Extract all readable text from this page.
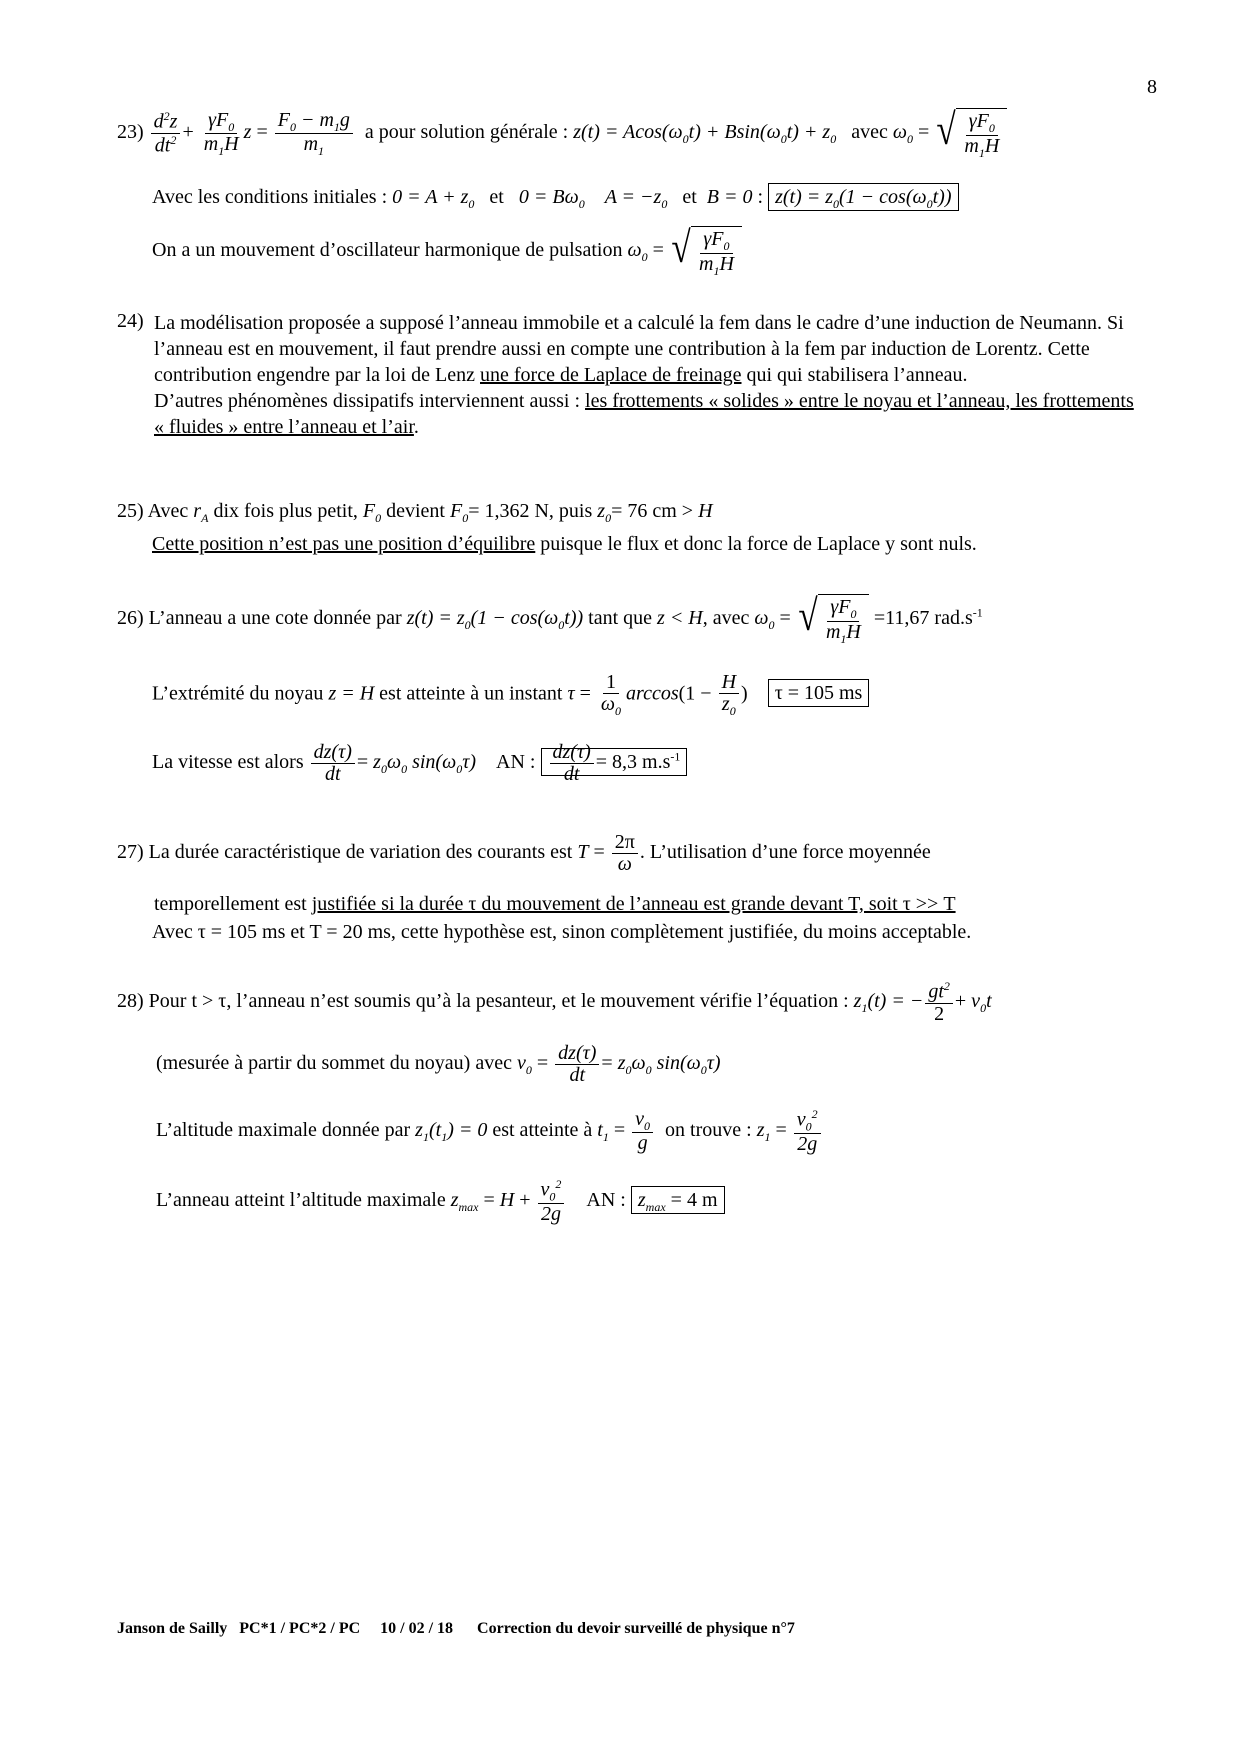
8
$23) \frac{d^2z}{dt^2} + \frac{\gamma F_0}{m_1H}$ $z = \frac{F_0 - m_1g}{m_1}$ a pour solution générale : $z(t) = Acos(\omega_0t) + Bsin(\omega_0t) + z_0$ avec $\omega_0$ = √ $\frac{\gamma F_0}{m_1H}$
Avec les conditions initiales : $0 = A + z_0$ et $0 = B\omega_0$ $A = -z_0$ et B = 0 : $z(t) = z_0(1 - \cos(\omega_0t))$
On a un mouvement d’oscillateur harmonique de pulsation $\omega_0$ = √ $\frac{\gamma F_0}{m_1H}$
24) La modélisation proposée a supposé l’anneau immobile et a calculé la fem dans le cadre d’une induction de Neumann. Si l’anneau est en mouvement, il faut prendre aussi en compte une contribution à la fem par induction de Lorentz. Cette contribution engendre par la loi de Lenz une force de Laplace de freinage qui qui stabilisera l’anneau.
D’autres phénomènes dissipatifs interviennent aussi : les frottements « solides » entre le noyau et l’anneau, les frottements « fluides » entre l’anneau et l’air.
25) Avec $r_A$ dix fois plus petit, $F_0$ devient $F_0= 1,362$ N, puis $z_0= 76$ cm > H
Cette position n’est pas une position d’équilibre puisque le flux et donc la force de Laplace y sont nuls.
26) L’anneau a une cote donnée par $z(t) = z_0(1 - \cos(\omega_0t))$ tant que z < H, avec $\omega_0$ = √ $\frac{\gamma F_0}{m_1H} =11,67$ $rad.s^{-1}$
L’extrémité du noyau z = H est atteinte à un instant $\tau = \frac{1}{\omega_0} \arccos(1 - \frac{H}{z_0}$ )    τ = 105 ms
La vitesse est alors $\frac{dz(\tau)}{dt} = z_0\omega_0$ $\sin(\omega_0\tau)$ AN : $\frac{dz(\tau)}{dt} = 8,3$ $m.s^{-1}$
27) La durée caractéristique de variation des courants est $T = \frac{2\pi}{\omega}$ . L’utilisation d’une force moyennée
temporellement est justifiée si la durée τ du mouvement de l’anneau est grande devant T, soit τ >> T
Avec τ = 105 ms et T = 20 ms, cette hypothèse est, sinon complètement justifiée, du moins acceptable.
28) Pour t > τ, l’anneau n’est soumis qu’à la pesanteur, et le mouvement vérifie l’équation : $z_1(t)$ = − $\frac{gt^2}{2} + v_0t$
(mesurée à partir du sommet du noyau) avec $v_0 = \frac{dz(\tau)}{dt} = z_0\omega_0$ $\sin(\omega_0\tau)$
L’altitude maximale donnée par $z_1(t_1) = 0$ est atteinte à $t_1 = \frac{v_0}{g}$ on trouve : $z_1 = \frac{v_0^2}{2g}$
L’anneau atteint l’altitude maximale $z_{max} = H + \frac{v_0^2}{2g}$ AN : $z_{max} = 4$ m
Janson de Sailly PC*1 / PC*2 / PC 10 / 02 / 18 Correction du devoir surveillé de physique n°7
